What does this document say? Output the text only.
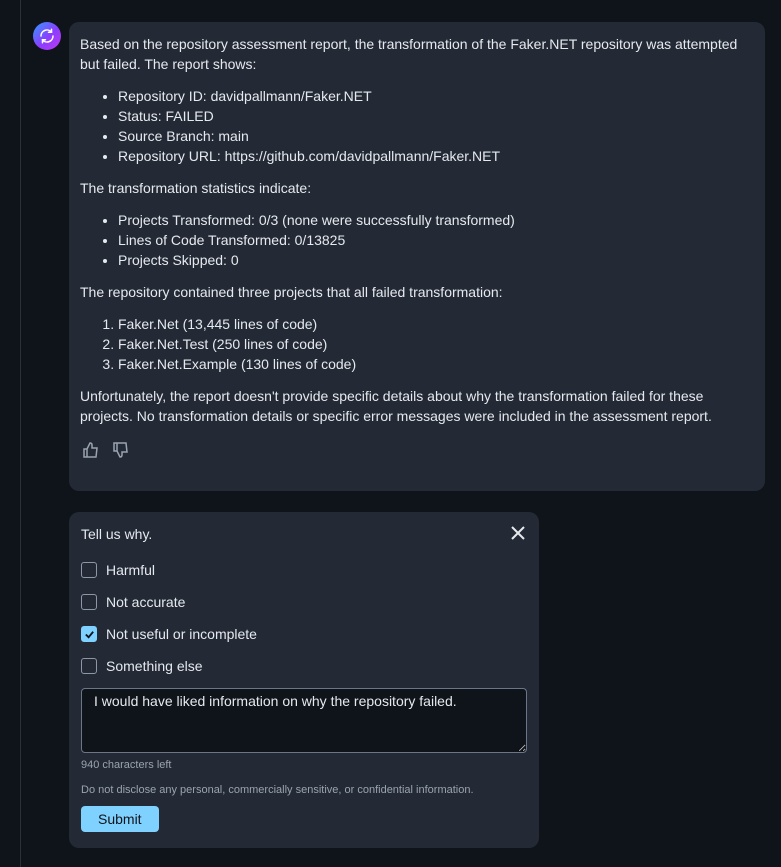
Based on the repository assessment report, the transformation of the Faker.NET repository was attempted but failed. The report shows:

• Repository ID: davidpallmann/Faker.NET
• Status: FAILED
• Source Branch: main
• Repository URL: https://github.com/davidpallmann/Faker.NET

The transformation statistics indicate:

• Projects Transformed: 0/3 (none were successfully transformed)
• Lines of Code Transformed: 0/13825
• Projects Skipped: 0

The repository contained three projects that all failed transformation:

1. Faker.Net (13,445 lines of code)
2. Faker.Net.Test (250 lines of code)
3. Faker.Net.Example (130 lines of code)

Unfortunately, the report doesn't provide specific details about why the transformation failed for these projects. No transformation details or specific error messages were included in the assessment report.

Tell us why.
Harmful
Not accurate
Not useful or incomplete
Something else
I would have liked information on why the repository failed.
940 characters left
Do not disclose any personal, commercially sensitive, or confidential information.
Submit
